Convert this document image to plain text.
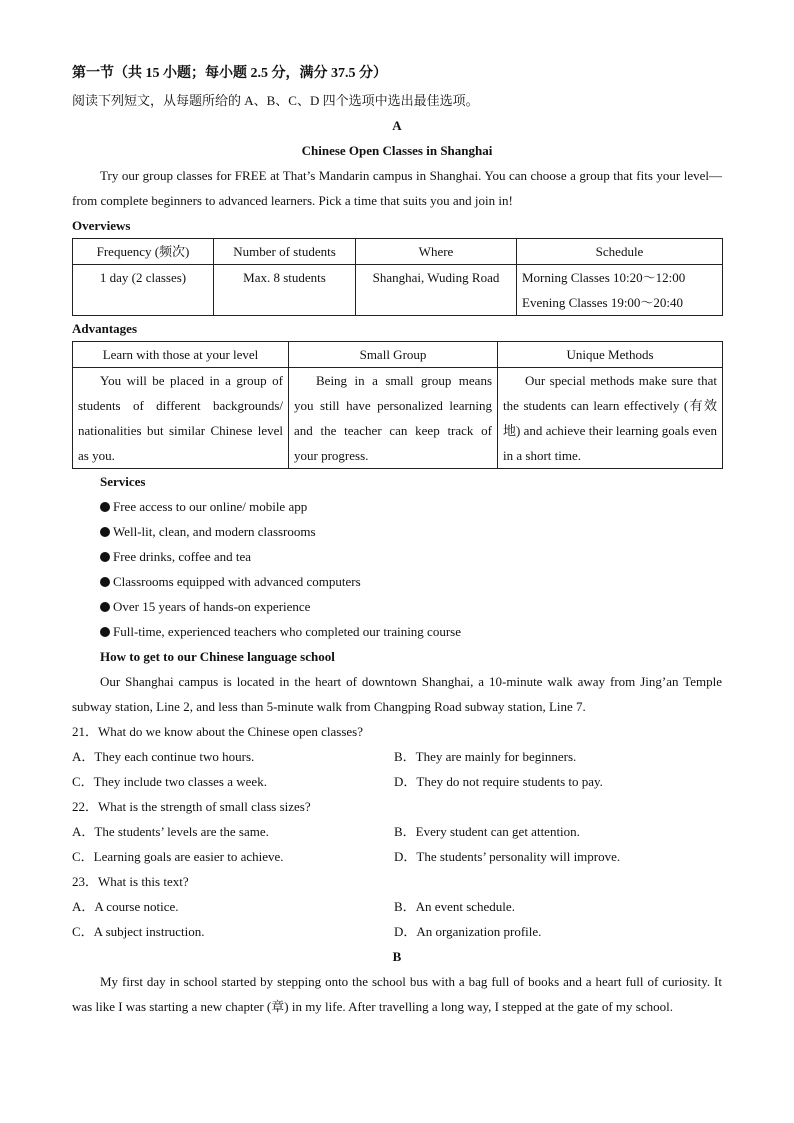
第一节（共 15 小题；每小题 2.5 分，满分 37.5 分）
阅读下列短文，从每题所给的 A、B、C、D 四个选项中选出最佳选项。
A
Chinese Open Classes in Shanghai
Try our group classes for FREE at That’s Mandarin campus in Shanghai. You can choose a group that fits your level—from complete beginners to advanced learners. Pick a time that suits you and join in!
Overviews
Frequency (频次)	Number of students	Where	Schedule
1 day (2 classes)	Max. 8 students	Shanghai, Wuding Road	Morning Classes 10:20～12:00
Evening Classes 19:00～20:40
Advantages
Learn with those at your level	Small Group	Unique Methods
You will be placed in a group of students of different backgrounds/ nationalities but similar Chinese level as you.	Being in a small group means you still have personalized learning and the teacher can keep track of your progress.	Our special methods make sure that the students can learn effectively (有效地) and achieve their learning goals even in a short time.
Services
Free access to our online/ mobile app
Well-lit, clean, and modern classrooms
Free drinks, coffee and tea
Classrooms equipped with advanced computers
Over 15 years of hands-on experience
Full-time, experienced teachers who completed our training course
How to get to our Chinese language school
Our Shanghai campus is located in the heart of downtown Shanghai, a 10-minute walk away from Jing’an Temple subway station, Line 2, and less than 5-minute walk from Changping Road subway station, Line 7.
21．What do we know about the Chinese open classes?
A．They each continue two hours.	B．They are mainly for beginners.
C．They include two classes a week.	D．They do not require students to pay.
22．What is the strength of small class sizes?
A．The students’ levels are the same.	B．Every student can get attention.
C．Learning goals are easier to achieve.	D．The students’ personality will improve.
23．What is this text?
A．A course notice.	B．An event schedule.
C．A subject instruction.	D．An organization profile.
B
My first day in school started by stepping onto the school bus with a bag full of books and a heart full of curiosity. It was like I was starting a new chapter (章) in my life. After travelling a long way, I stepped at the gate of my school.
